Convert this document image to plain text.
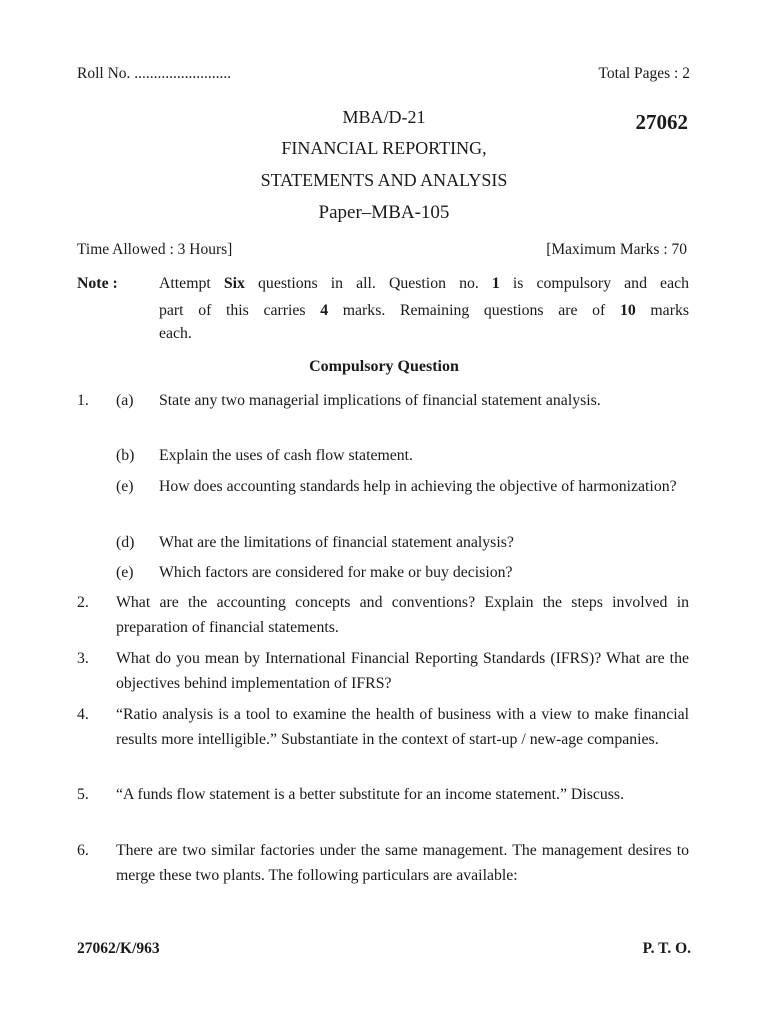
Roll No. .........................	Total Pages : 2
MBA/D-21	27062
FINANCIAL REPORTING,
STATEMENTS AND ANALYSIS
Paper–MBA-105
Time Allowed : 3 Hours]	[Maximum Marks : 70
Note :	Attempt Six questions in all. Question no. 1 is compulsory and each
part of this carries 4 marks. Remaining questions are of 10 marks
each.
Compulsory Question
1. (a) State any two managerial implications of financial statement analysis.
(b) Explain the uses of cash flow statement.
(e) How does accounting standards help in achieving the objective of harmonization?
(d) What are the limitations of financial statement analysis?
(e) Which factors are considered for make or buy decision?
2. What are the accounting concepts and conventions? Explain the steps involved in preparation of financial statements.
3. What do you mean by International Financial Reporting Standards (IFRS)? What are the objectives behind implementation of IFRS?
4. “Ratio analysis is a tool to examine the health of business with a view to make financial results more intelligible.” Substantiate in the context of start-up / new-age companies.
5. “A funds flow statement is a better substitute for an income statement.” Discuss.
6. There are two similar factories under the same management. The management desires to merge these two plants. The following particulars are available:
27062/K/963	P. T. O.
